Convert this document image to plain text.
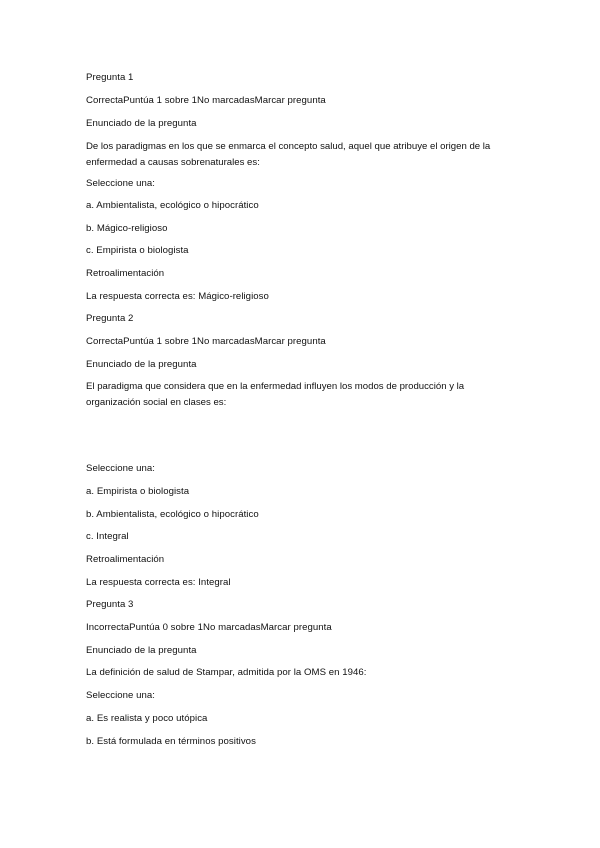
Pregunta 1
CorrectaPuntúa 1 sobre 1No marcadasMarcar pregunta
Enunciado de la pregunta
De los paradigmas en los que se enmarca el concepto salud, aquel que atribuye el origen de la enfermedad a causas sobrenaturales es:
Seleccione una:
a. Ambientalista, ecológico o hipocrático
b. Mágico-religioso
c. Empirista o biologista
Retroalimentación
La respuesta correcta es: Mágico-religioso
Pregunta 2
CorrectaPuntúa 1 sobre 1No marcadasMarcar pregunta
Enunciado de la pregunta
El paradigma que considera que en la enfermedad influyen los modos de producción y la organización social en clases es:
Seleccione una:
a. Empirista o biologista
b. Ambientalista, ecológico o hipocrático
c. Integral
Retroalimentación
La respuesta correcta es: Integral
Pregunta 3
IncorrectaPuntúa 0 sobre 1No marcadasMarcar pregunta
Enunciado de la pregunta
La definición de salud de Stampar, admitida por la OMS en 1946:
Seleccione una:
a. Es realista y poco utópica
b. Está formulada en términos positivos
